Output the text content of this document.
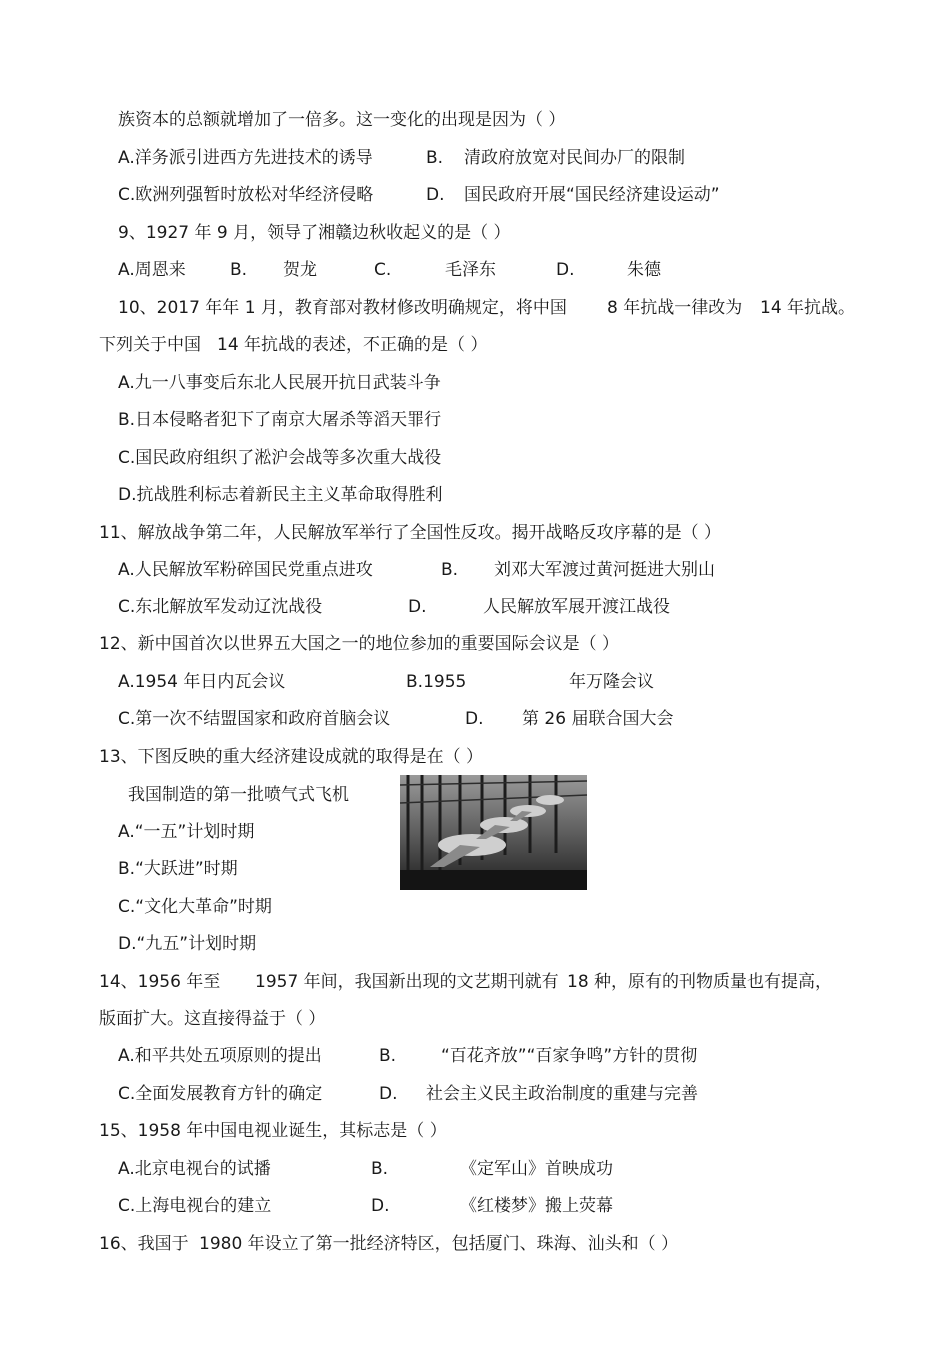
族资本的总额就增加了一倍多。这一变化的出现是因为（ ）
A.洋务派引进西方先进技术的诱导	B. 清政府放宽对民间办厂的限制
C.欧洲列强暂时放松对华经济侵略	D. 国民政府开展“国民经济建设运动”
9、1927 年 9 月，领导了湘赣边秋收起义的是（ ）
A.周恩来	B. 贺龙	C.	毛泽东	D.	朱德
10、2017 年年 1 月，教育部对教材修改明确规定，将中国 8 年抗战一律改为 14 年抗战。
下列关于中国 14 年抗战的表述，不正确的是（ ）
A.九一八事变后东北人民展开抗日武装斗争
B.日本侵略者犯下了南京大屠杀等滔天罪行
C.国民政府组织了淞沪会战等多次重大战役
D.抗战胜利标志着新民主主义革命取得胜利
11、解放战争第二年，人民解放军举行了全国性反攻。揭开战略反攻序幕的是（ ）
A.人民解放军粉碎国民党重点进攻	B. 刘邓大军渡过黄河挺进大别山
C.东北解放军发动辽沈战役	D.	人民解放军展开渡江战役
12、新中国首次以世界五大国之一的地位参加的重要国际会议是（ ）
A.1954 年日内瓦会议	B.1955	年万隆会议
C.第一次不结盟国家和政府首脑会议	D. 第 26 届联合国大会
13、下图反映的重大经济建设成就的取得是在（ ）
我国制造的第一批喷气式飞机
A.“一五”计划时期
B.“大跃进”时期
C.“文化大革命”时期
D.“九五”计划时期
14、1956 年至 1957 年间，我国新出现的文艺期刊就有 18 种，原有的刊物质量也有提高，
版面扩大。这直接得益于（ ）
A.和平共处五项原则的提出	B.	“百花齐放”“百家争鸣”方针的贯彻
C.全面发展教育方针的确定	D. 社会主义民主政治制度的重建与完善
15、1958 年中国电视业诞生，其标志是（ ）
A.北京电视台的试播	B.	《定军山》首映成功
C.上海电视台的建立	D.	《红楼梦》搬上荧幕
16、我国于 1980 年设立了第一批经济特区，包括厦门、珠海、汕头和（ ）
